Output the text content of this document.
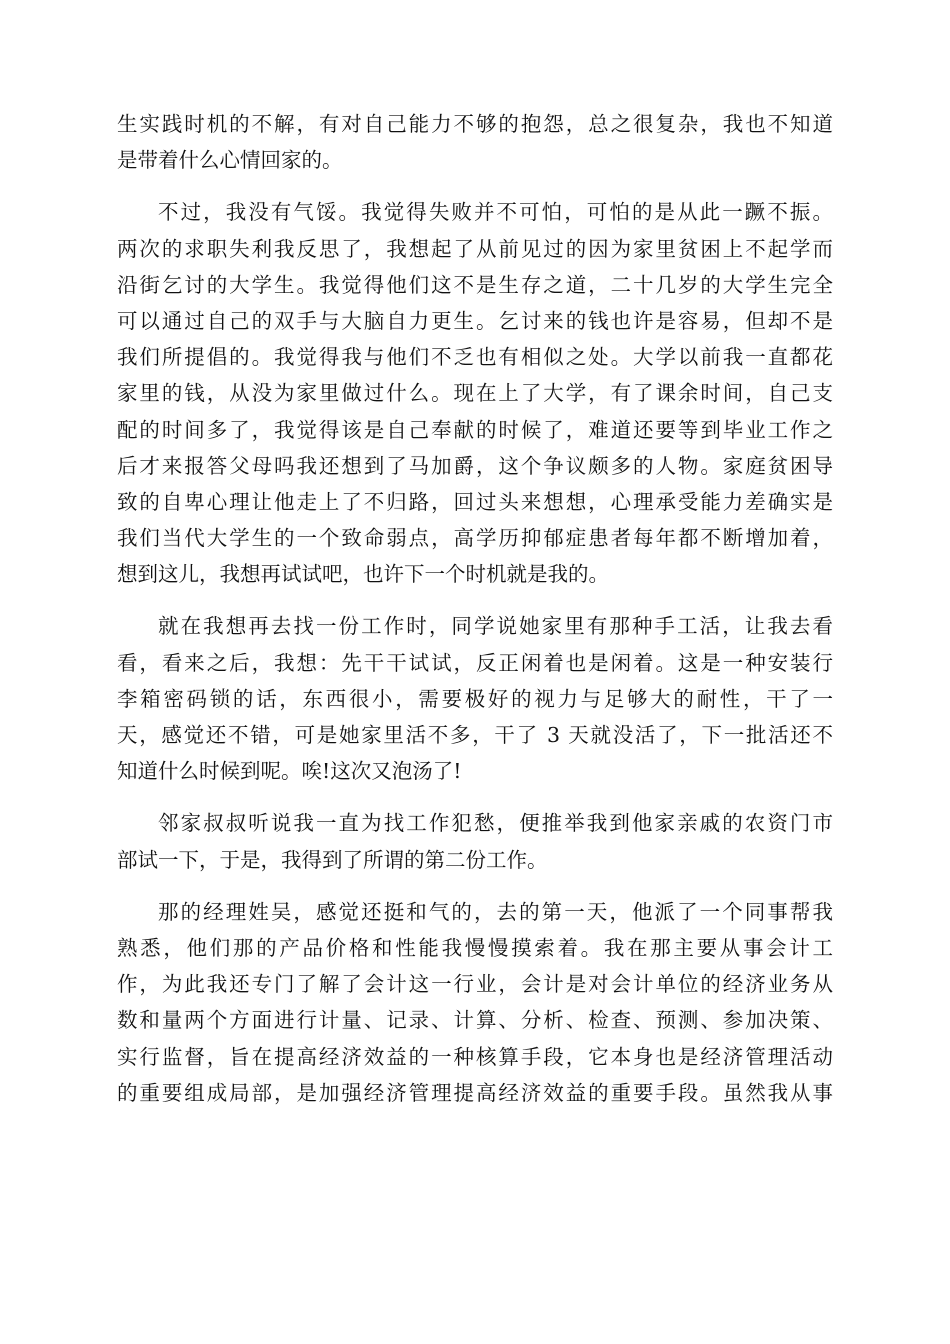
生实践时机的不解，有对自己能力不够的抱怨，总之很复杂，我也不知道
是带着什么心情回家的。
不过，我没有气馁。我觉得失败并不可怕，可怕的是从此一蹶不振。
两次的求职失利我反思了，我想起了从前见过的因为家里贫困上不起学而
沿街乞讨的大学生。我觉得他们这不是生存之道，二十几岁的大学生完全
可以通过自己的双手与大脑自力更生。乞讨来的钱也许是容易，但却不是
我们所提倡的。我觉得我与他们不乏也有相似之处。大学以前我一直都花
家里的钱，从没为家里做过什么。现在上了大学，有了课余时间，自己支
配的时间多了，我觉得该是自己奉献的时候了，难道还要等到毕业工作之
后才来报答父母吗我还想到了马加爵，这个争议颇多的人物。家庭贫困导
致的自卑心理让他走上了不归路，回过头来想想，心理承受能力差确实是
我们当代大学生的一个致命弱点，高学历抑郁症患者每年都不断增加着，
想到这儿，我想再试试吧，也许下一个时机就是我的。
就在我想再去找一份工作时，同学说她家里有那种手工活，让我去看
看，看来之后，我想：先干干试试，反正闲着也是闲着。这是一种安装行
李箱密码锁的话，东西很小，需要极好的视力与足够大的耐性，干了一
天，感觉还不错，可是她家里活不多，干了 3 天就没活了，下一批活还不
知道什么时候到呢。唉!这次又泡汤了!
邻家叔叔听说我一直为找工作犯愁，便推举我到他家亲戚的农资门市
部试一下，于是，我得到了所谓的第二份工作。
那的经理姓吴，感觉还挺和气的，去的第一天，他派了一个同事帮我
熟悉，他们那的产品价格和性能我慢慢摸索着。我在那主要从事会计工
作，为此我还专门了解了会计这一行业，会计是对会计单位的经济业务从
数和量两个方面进行计量、记录、计算、分析、检查、预测、参加决策、
实行监督，旨在提高经济效益的一种核算手段，它本身也是经济管理活动
的重要组成局部，是加强经济管理提高经济效益的重要手段。虽然我从事
